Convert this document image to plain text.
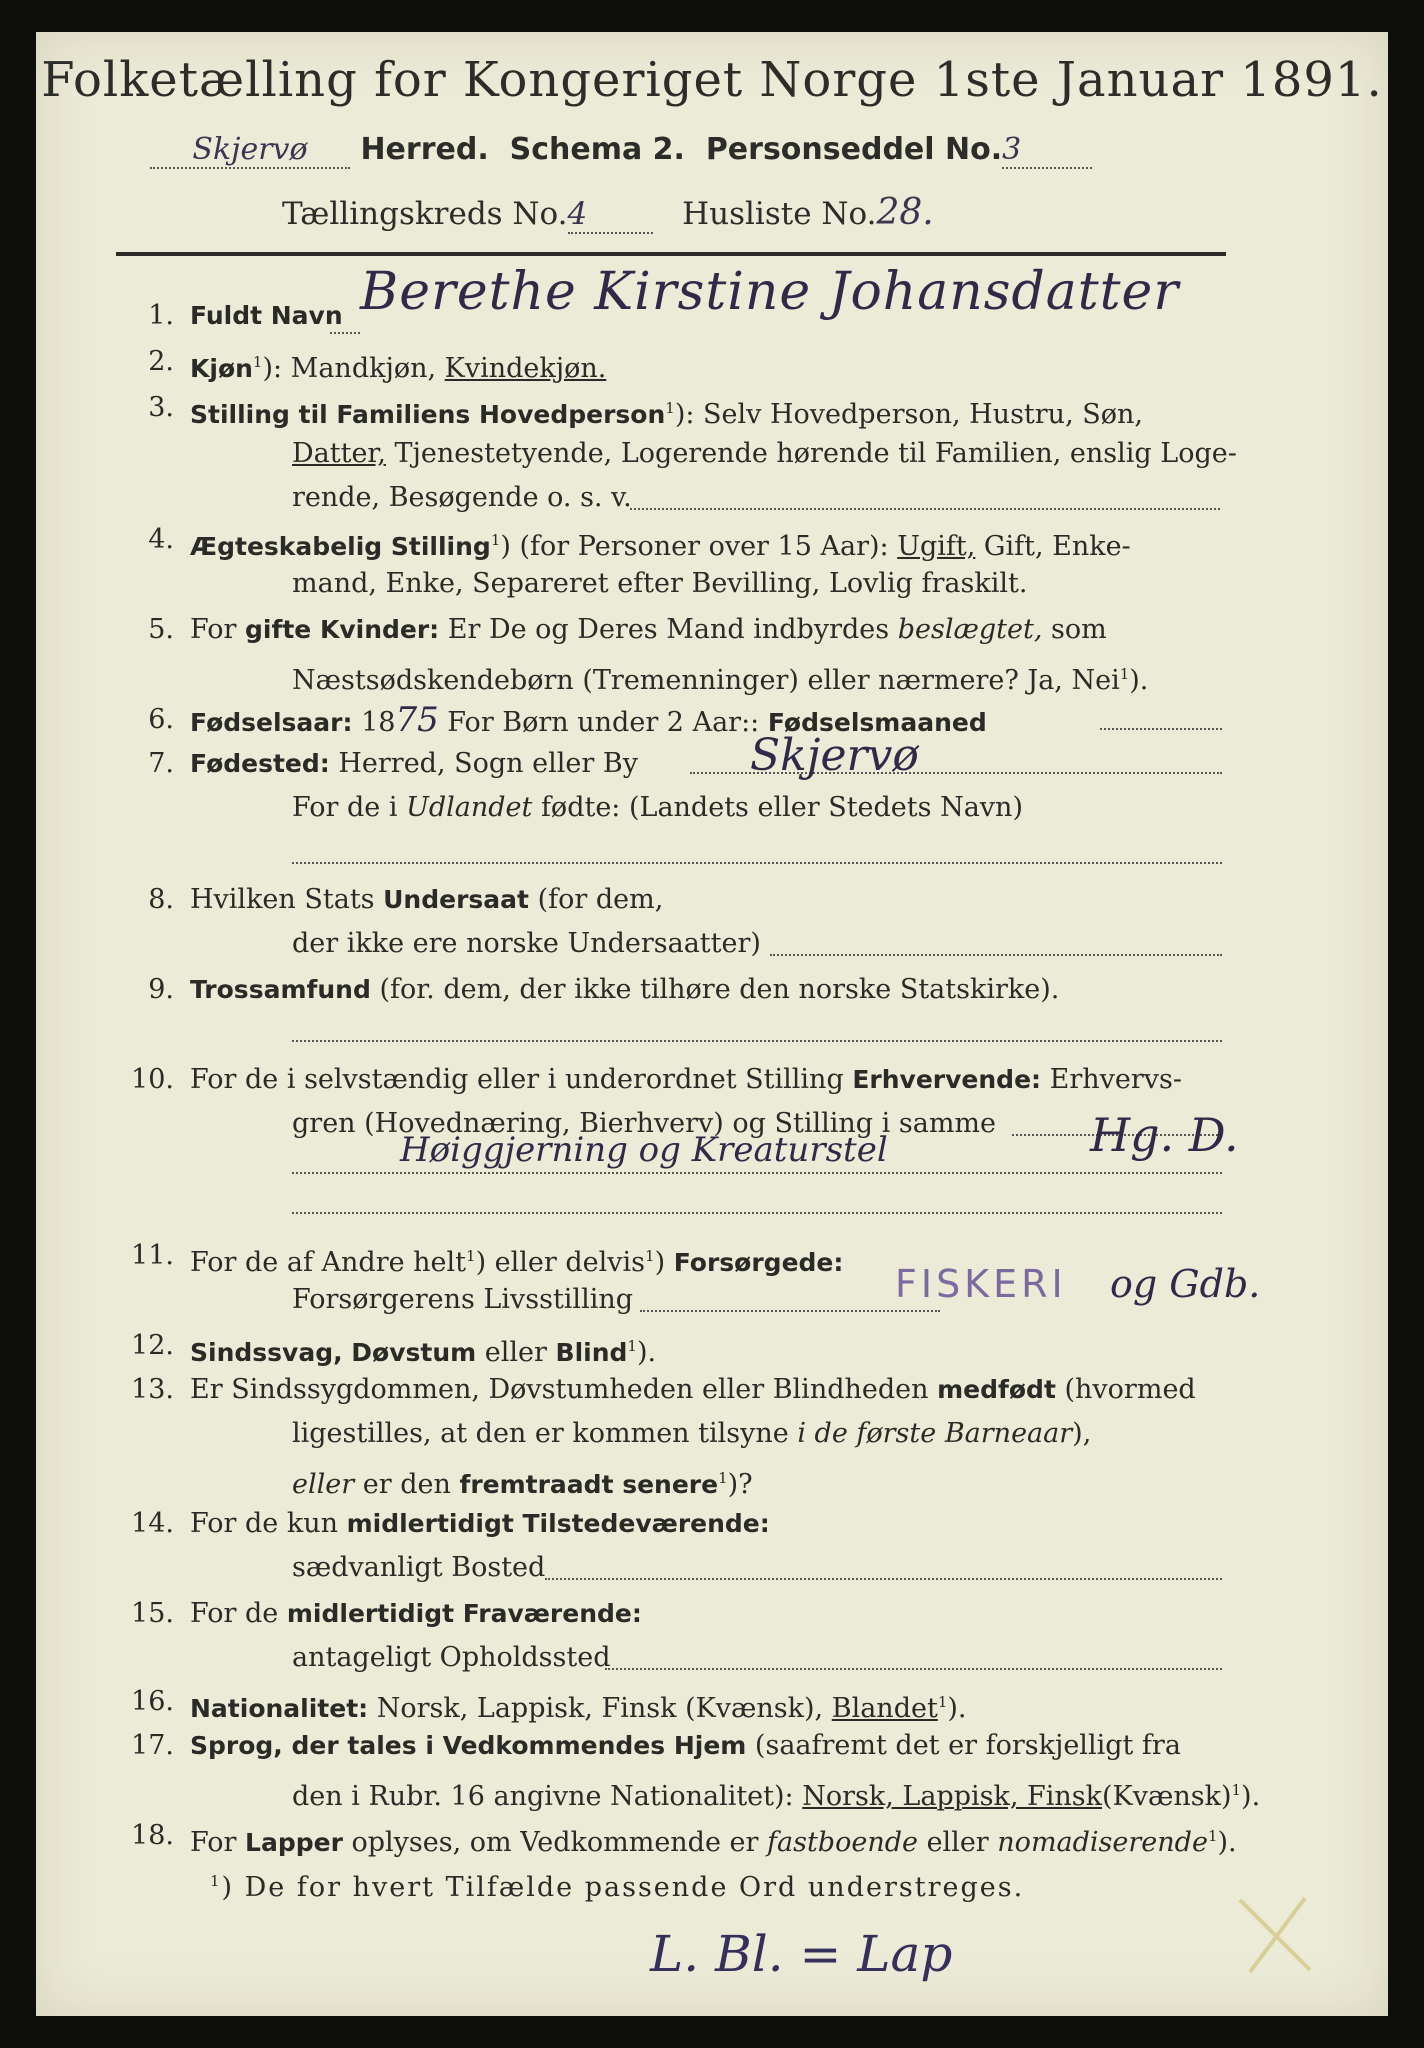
Folketælling for Kongeriget Norge 1ste Januar 1891.
Skjervø Herred. Schema 2. Personseddel No.3
Tællingskreds No.4	Husliste No.28.
1. Fuldt Navn Berethe Kirstine Johansdatter
2. Kjøn$^1$): Mandkjøn, Kvindekjøn.
3. Stilling til Familiens Hovedperson$^1$): Selv Hovedperson, Hustru, Søn,
Datter, Tjenestetyende, Logerende hørende til Familien, enslig Loge-
rende, Besøgende o. s. v.
4. Ægteskabelig Stilling$^1$) (for Personer over 15 Aar): Ugift, Gift, Enke-
mand, Enke, Separeret efter Bevilling, Lovlig fraskilt.
5. For gifte Kvinder: Er De og Deres Mand indbyrdes beslægtet, som
Næstsødskendebørn (Tremenninger) eller nærmere? Ja, Nei$^1$).
6. Fødselsaar: 1875 For Børn under 2 Aar:: Fødselsmaaned
7. Fødested: Herred, Sogn eller By	Skjervø
For de i Udlandet fødte: (Landets eller Stedets Navn)
8. Hvilken Stats Undersaat (for dem,
der ikke ere norske Undersaatter)
9. Trossamfund (for. dem, der ikke tilhøre den norske Statskirke).
10. For de i selvstændig eller i underordnet Stilling Erhvervende: Erhvervs-
gren (Hovednæring, Bierhverv) og Stilling i samme
Høiggjerning og Kreaturstel	Hg. D.
11. For de af Andre helt$^1$) eller delvis$^1$) Forsørgede:
Forsørgerens Livsstilling	FISKERI og Gdb.
12. Sindssvag, Døvstum eller Blind$^1$).
13. Er Sindssygdommen, Døvstumheden eller Blindheden medfødt (hvormed
ligestilles, at den er kommen tilsyne i de første Barneaar),
eller er den fremtraadt senere$^1$)?
14. For de kun midlertidigt Tilstedeværende:
sædvanligt Bosted
15. For de midlertidigt Fraværende:
antageligt Opholdssted
16. Nationalitet: Norsk, Lappisk, Finsk (Kvænsk), Blandet$^1$).
17. Sprog, der tales i Vedkommendes Hjem (saafremt det er forskjelligt fra
den i Rubr. 16 angivne Nationalitet): Norsk, Lappisk, Finsk(Kvænsk)$^1$).
18. For Lapper oplyses, om Vedkommende er fastboende eller nomadiserende$^1$).
$^1$) De for hvert Tilfælde passende Ord understreges.
L. Bl. = Lap
